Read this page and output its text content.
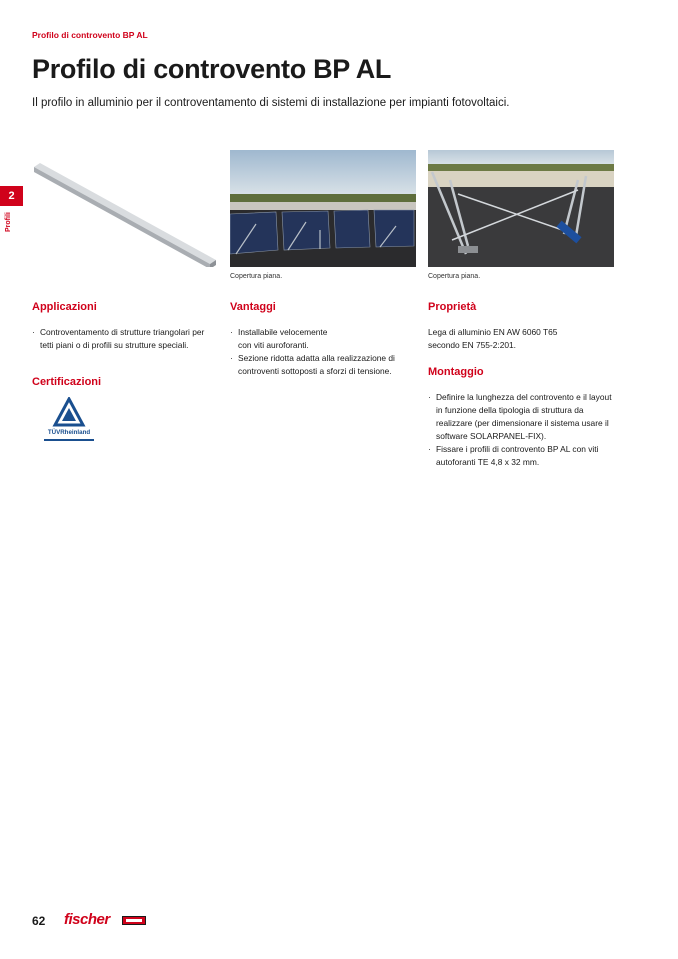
Profilo di controvento BP AL
Profilo di controvento BP AL

Il profilo in alluminio per il controventamento di sistemi di installazione per impianti fotovoltaici.

2
Profili
Copertura piana.	Copertura piana.
Applicazioni
· Controventamento di strutture triangolari per tetti piani o di profili su strutture speciali.
Certificazioni
TÜVRheinland
Vantaggi
· Installabile velocemente con viti auroforanti.
· Sezione ridotta adatta alla realizzazione di controventi sottoposti a sforzi di tensione.
Proprietà

Lega di alluminio EN AW 6060 T65 secondo EN 755-2:201.

Montaggio
· Definire la lunghezza del controvento e il layout in funzione della tipologia di struttura da realizzare (per dimensionare il sistema usare il software SOLARPANEL-FIX).
· Fissare i profili di controvento BP AL con viti autoforanti TE 4,8 x 32 mm.
62 fischer
